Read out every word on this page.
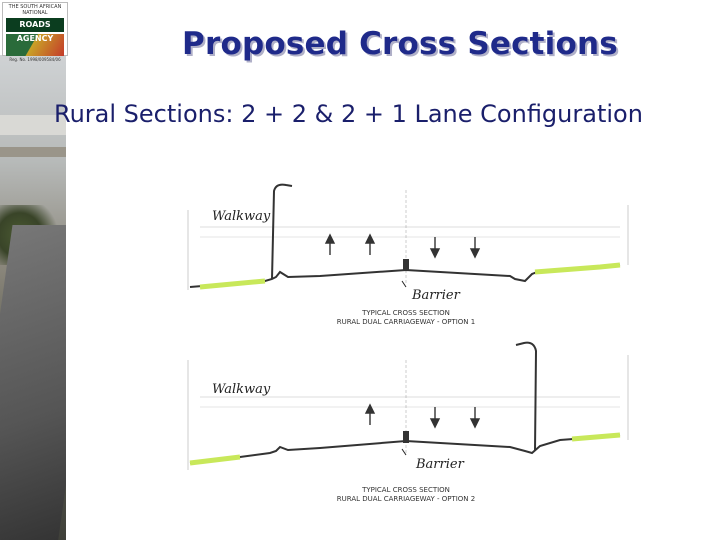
THE SOUTH AFRICAN NATIONAL
ROADS AGENCY
Reg. No. 1998/009584/06	Proposed Cross Sections
Rural Sections: 2 + 2 & 2 + 1 Lane Configuration
Walkway
Barrier
TYPICAL CROSS SECTION
RURAL DUAL CARRIAGEWAY - OPTION 1
Walkway
Barrier
TYPICAL CROSS SECTION
RURAL DUAL CARRIAGEWAY - OPTION 2
